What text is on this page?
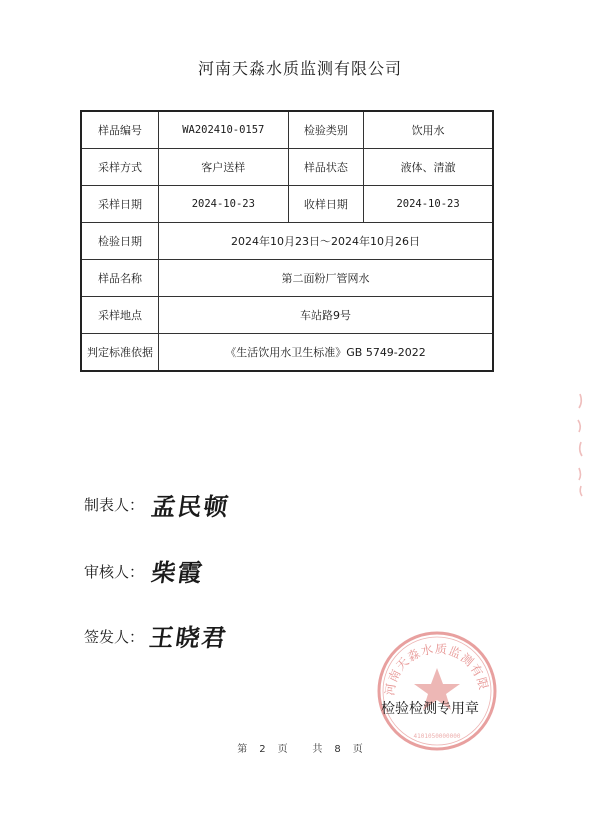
河南天淼水质监测有限公司
样品编号	WA202410-0157	检验类别	饮用水
采样方式	客户送样	样品状态	液体、清澈
采样日期	2024-10-23	收样日期	2024-10-23
检验日期	2024年10月23日～2024年10月26日		
样品名称	第二面粉厂管网水		
采样地点	车站路9号		
判定标准依据	《生活饮用水卫生标准》GB 5749-2022		
制表人： 孟民顿
审核人： 柴霞
签发人： 王晓君
河南天淼水质监测有限
4101050000000
检验检测专用章
第 2 页 共 8 页
